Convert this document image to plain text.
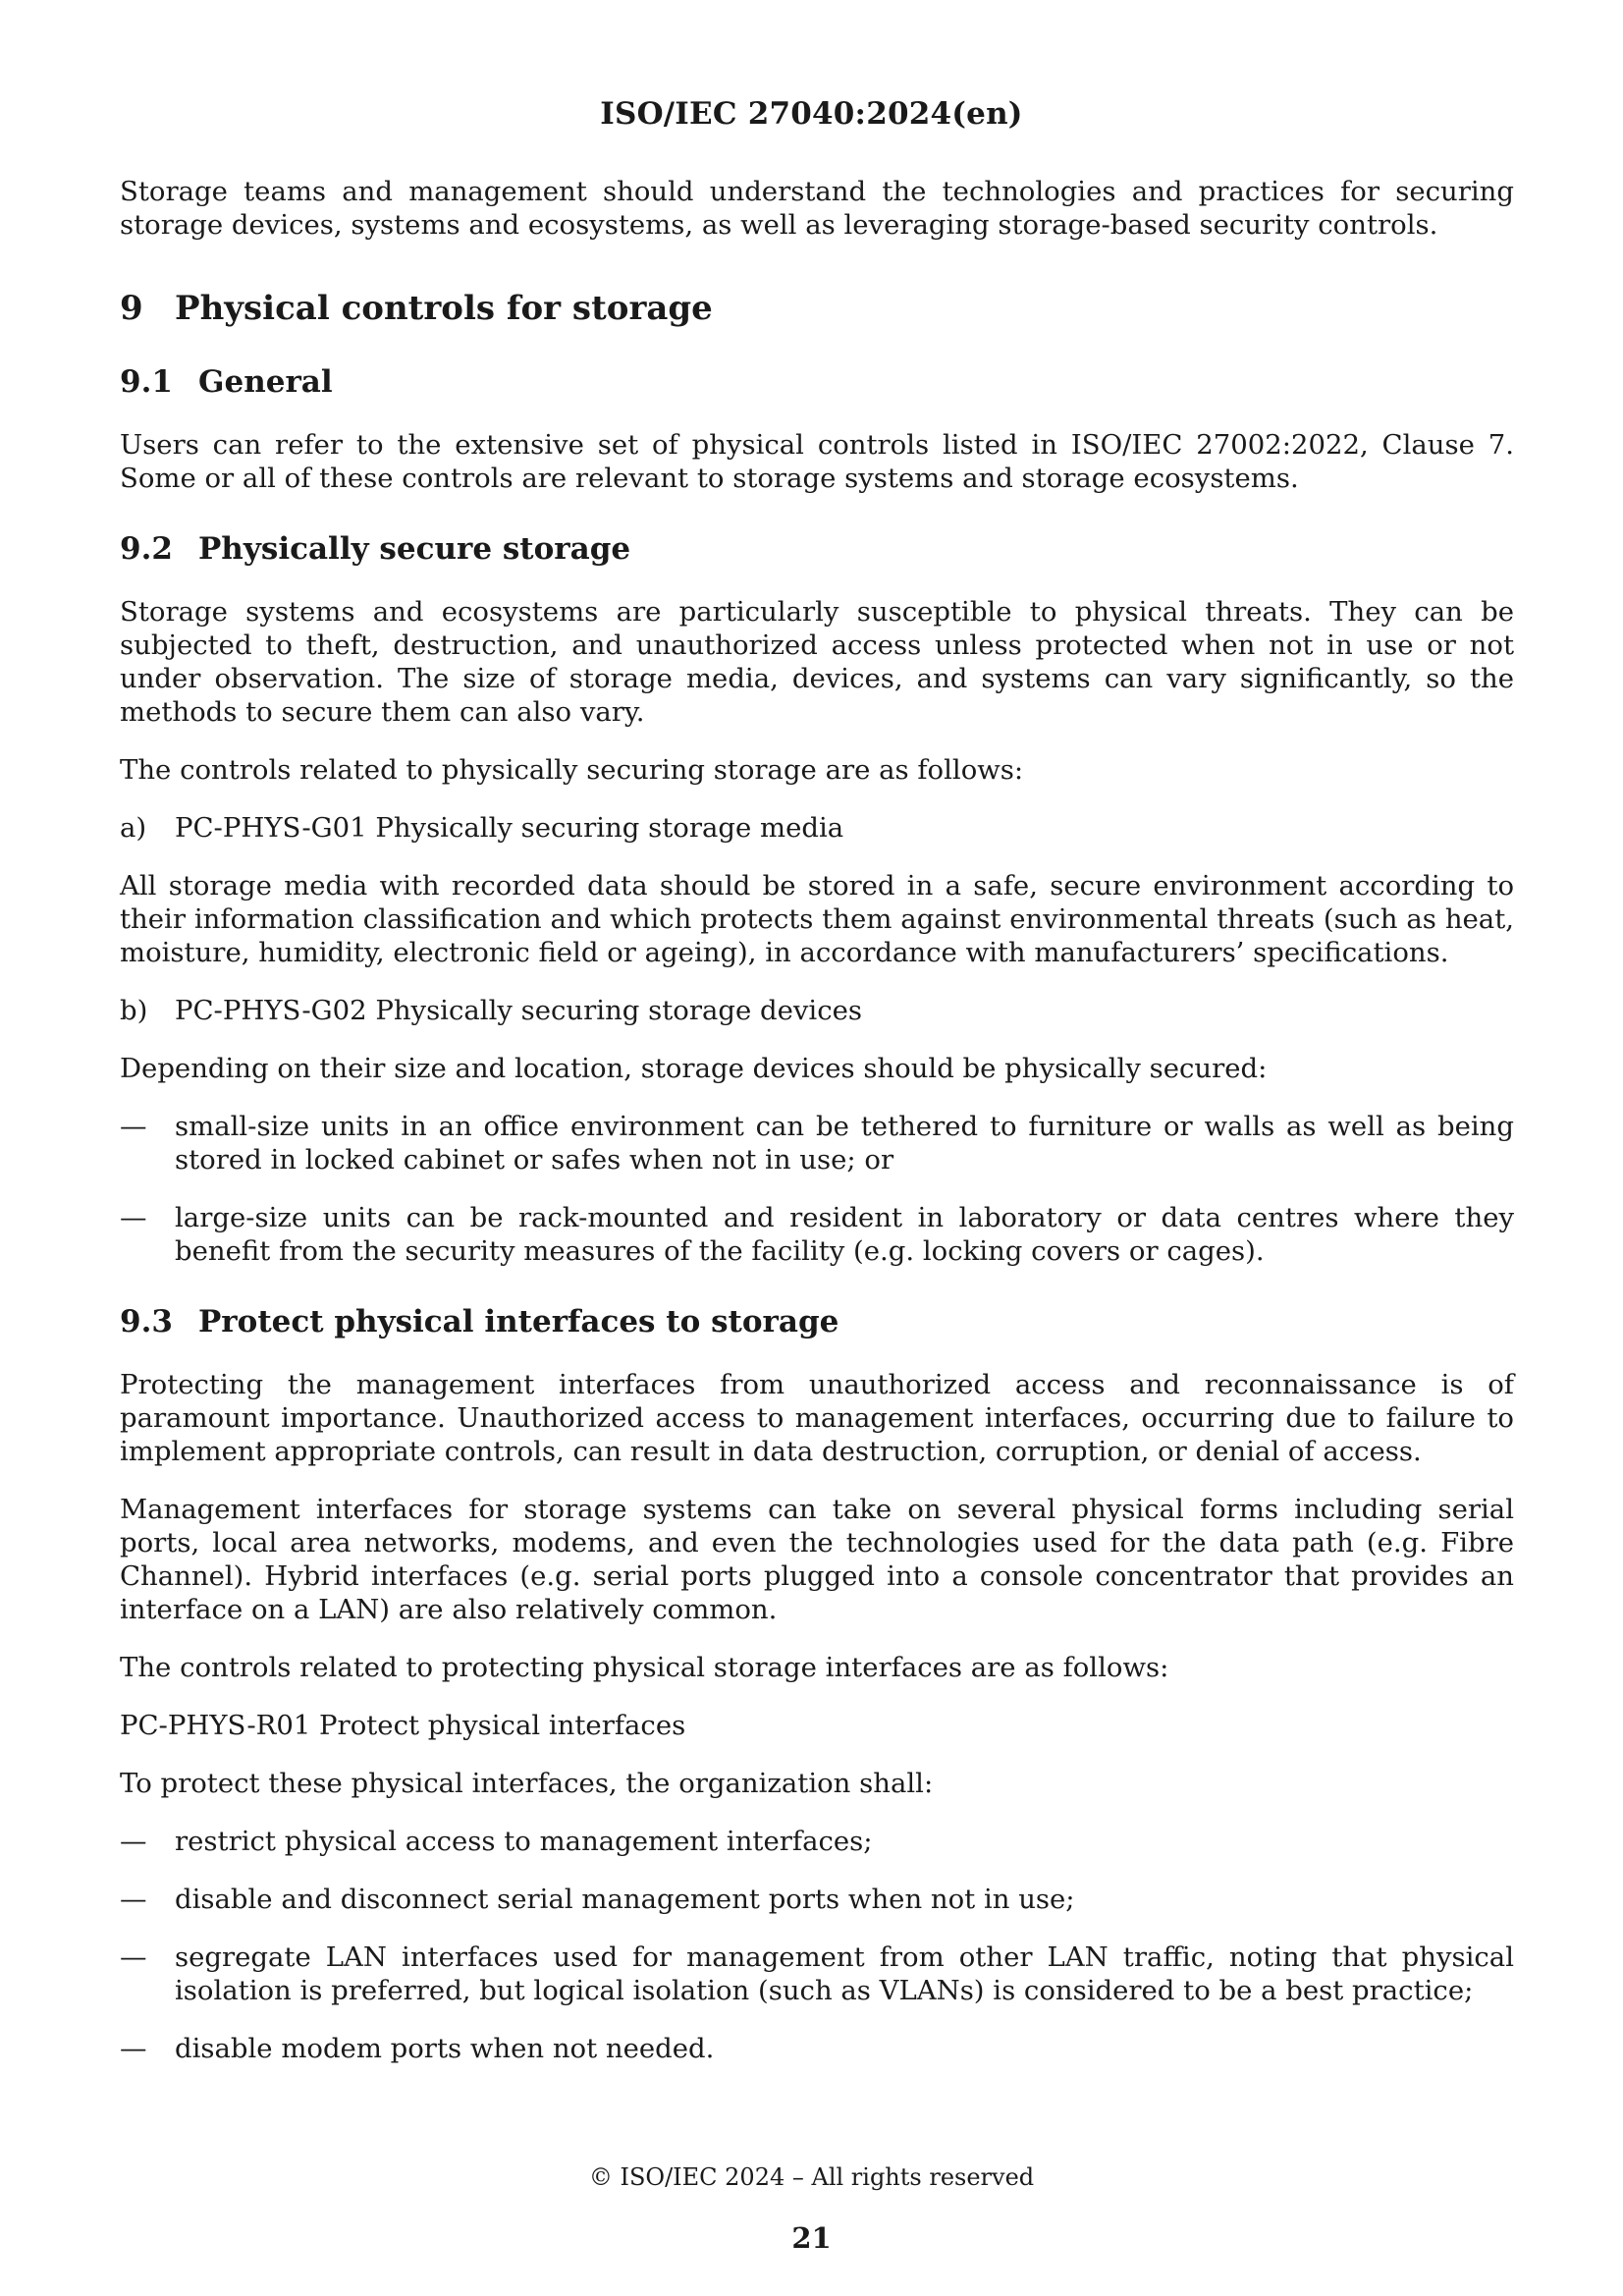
ISO/IEC 27040:2024(en)

Storage teams and management should understand the technologies and practices for securing storage devices, systems and ecosystems, as well as leveraging storage-based security controls.

9 Physical controls for storage
9.1 General

Users can refer to the extensive set of physical controls listed in ISO/IEC 27002:2022, Clause 7. Some or all of these controls are relevant to storage systems and storage ecosystems.

9.2 Physically secure storage

Storage systems and ecosystems are particularly susceptible to physical threats. They can be subjected to theft, destruction, and unauthorized access unless protected when not in use or not under observation. The size of storage media, devices, and systems can vary significantly, so the methods to secure them can also vary.

The controls related to physically securing storage are as follows:

a)	PC-PHYS-G01 Physically securing storage media

All storage media with recorded data should be stored in a safe, secure environment according to their information classification and which protects them against environmental threats (such as heat, moisture, humidity, electronic field or ageing), in accordance with manufacturers’ specifications.

b)	PC-PHYS-G02 Physically securing storage devices

Depending on their size and location, storage devices should be physically secured:

—	small-size units in an office environment can be tethered to furniture or walls as well as being stored in locked cabinet or safes when not in use; or
—	large-size units can be rack-mounted and resident in laboratory or data centres where they benefit from the security measures of the facility (e.g. locking covers or cages).
9.3 Protect physical interfaces to storage

Protecting the management interfaces from unauthorized access and reconnaissance is of paramount importance. Unauthorized access to management interfaces, occurring due to failure to implement appropriate controls, can result in data destruction, corruption, or denial of access.

Management interfaces for storage systems can take on several physical forms including serial ports, local area networks, modems, and even the technologies used for the data path (e.g. Fibre Channel). Hybrid interfaces (e.g. serial ports plugged into a console concentrator that provides an interface on a LAN) are also relatively common.

The controls related to protecting physical storage interfaces are as follows:

PC-PHYS-R01 Protect physical interfaces

To protect these physical interfaces, the organization shall:

—	restrict physical access to management interfaces;
—	disable and disconnect serial management ports when not in use;
—	segregate LAN interfaces used for management from other LAN traffic, noting that physical isolation is preferred, but logical isolation (such as VLANs) is considered to be a best practice;
—	disable modem ports when not needed.
© ISO/IEC 2024 – All rights reserved
21
